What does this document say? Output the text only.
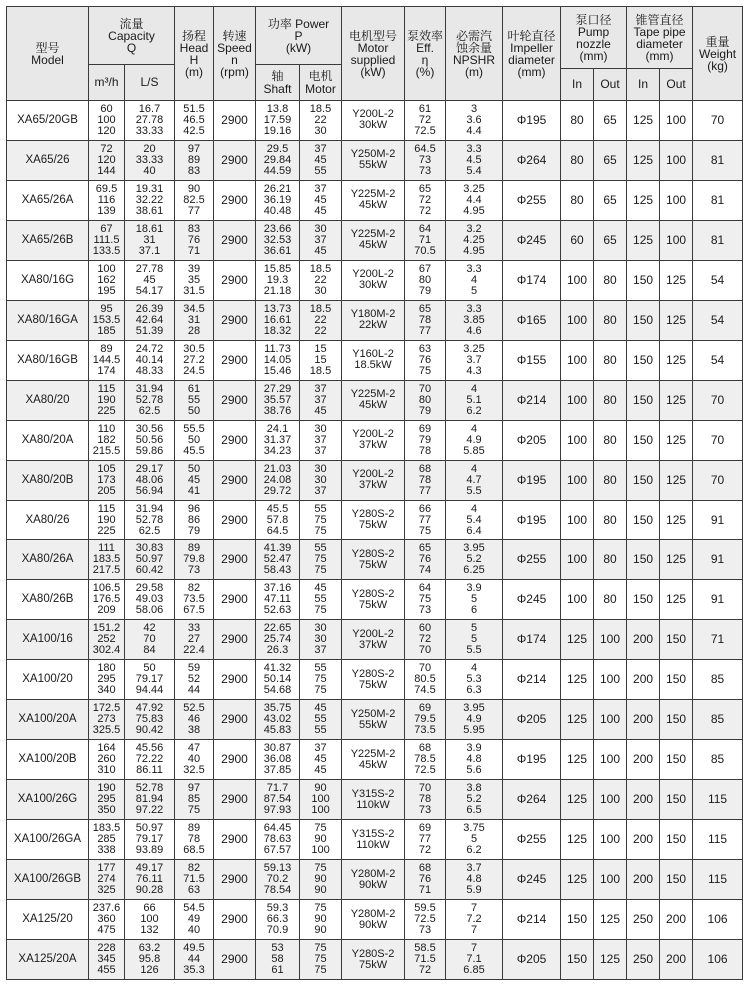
型号
Model	流量
Capacity
Q		扬程
Head
H
(m)	转速
Speed
n
(rpm)	功率 Power
P
(kW)		电机型号
Motor
supplied
(kW)	泵效率
Eff.
η
(%)	必需汽
蚀余量
NPSHR
(m)	叶轮直径
Impeller
diameter
(mm)	泵口径
Pump
nozzle
(mm)		锥管直径
Tape pipe
diameter
(mm)		重量
Weight
(kg)

	m³/h	L/S			轴
Shaft	电机
Motor									

											In	Out	In	Out	
XA65/20GB	60
100
120	16.7
27.78
33.33	51.5
46.5
42.5	2900	13.8
17.59
19.16	18.5
22
30	Y200L-2
30kW	61
72
72.5	3
3.6
4.4	Φ195	80	65	125	100	70
XA65/26	72
120
144	20
33.33
40	97
89
83	2900	29.5
29.84
44.59	37
45
55	Y250M-2
55kW	64.5
73
73	3.3
4.5
5.4	Φ264	80	65	125	100	81
XA65/26A	69.5
116
139	19.31
32.22
38.61	90
82.5
77	2900	26.21
36.19
40.48	37
45
45	Y225M-2
45kW	65
72
72	3.25
4.4
4.95	Φ255	80	65	125	100	81
XA65/26B	67
111.5
133.5	18.61
31
37.1	83
76
71	2900	23.66
32.53
36.61	30
37
45	Y225M-2
45kW	64
71
70.5	3.2
4.25
4.95	Φ245	60	65	125	100	81
XA80/16G	100
162
195	27.78
45
54.17	39
35
31.5	2900	15.85
19.3
21.18	18.5
22
30	Y200L-2
30kW	67
80
79	3.3
4
5	Φ174	100	80	150	125	54
XA80/16GA	95
153.5
185	26.39
42.64
51.39	34.5
31
28	2900	13.73
16.61
18.32	18.5
22
22	Y180M-2
22kW	65
78
77	3.3
3.85
4.6	Φ165	100	80	150	125	54
XA80/16GB	89
144.5
174	24.72
40.14
48.33	30.5
27.2
24.5	2900	11.73
14.05
15.46	15
15
18.5	Y160L-2
18.5kW	63
76
75	3.25
3.7
4.3	Φ155	100	80	150	125	54
XA80/20	115
190
225	31.94
52.78
62.5	61
55
50	2900	27.29
35.57
38.76	37
37
45	Y225M-2
45kW	70
80
79	4
5.1
6.2	Φ214	100	80	150	125	70
XA80/20A	110
182
215.5	30.56
50.56
59.86	55.5
50
45.5	2900	24.1
31.37
34.23	30
37
37	Y200L-2
37kW	69
79
78	4
4.9
5.85	Φ205	100	80	150	125	70
XA80/20B	105
173
205	29.17
48.06
56.94	50
45
41	2900	21.03
24.08
29.72	30
30
37	Y200L-2
37kW	68
78
77	4
4.7
5.5	Φ195	100	80	150	125	70
XA80/26	115
190
225	31.94
52.78
62.5	96
86
79	2900	45.5
57.8
64.5	55
75
75	Y280S-2
75kW	66
77
75	4
5.4
6.4	Φ195	100	80	150	125	91
XA80/26A	111
183.5
217.5	30.83
50.97
60.42	89
79.8
73	2900	41.39
52.47
58.43	55
75
75	Y280S-2
75kW	65
76
74	3.95
5.2
6.25	Φ255	100	80	150	125	91
XA80/26B	106.5
176.5
209	29.58
49.03
58.06	82
73.5
67.5	2900	37.16
47.11
52.63	45
55
75	Y280S-2
75kW	64
75
73	3.9
5
6	Φ245	100	80	150	125	91
XA100/16	151.2
252
302.4	42
70
84	33
27
22.4	2900	22.65
25.74
26.3	30
30
37	Y200L-2
37kW	60
72
70	5
5
5.5	Φ174	125	100	200	150	71
XA100/20	180
295
340	50
79.17
94.44	59
52
44	2900	41.32
50.14
54.68	55
75
75	Y280S-2
75kW	70
80.5
74.5	4
5.3
6.3	Φ214	125	100	200	150	85
XA100/20A	172.5
273
325.5	47.92
75.83
90.42	52.5
46
38	2900	35.75
43.02
45.83	45
55
55	Y250M-2
55kW	69
79.5
73.5	3.95
4.9
5.95	Φ205	125	100	200	150	85
XA100/20B	164
260
310	45.56
72.22
86.11	47
40
32.5	2900	30.87
36.08
37.85	37
45
45	Y225M-2
45kW	68
78.5
72.5	3.9
4.8
5.6	Φ195	125	100	200	150	85
XA100/26G	190
295
350	52.78
81.94
97.22	97
85
75	2900	71.7
87.54
97.93	90
100
100	Y315S-2
110kW	70
78
73	3.8
5.2
6.5	Φ264	125	100	200	150	115
XA100/26GA	183.5
285
338	50.97
79.17
93.89	89
78
68.5	2900	64.45
78.63
67.57	75
90
100	Y315S-2
110kW	69
77
72	3.75
5
6.2	Φ255	125	100	200	150	115
XA100/26GB	177
274
325	49.17
76.11
90.28	82
71.5
63	2900	59.13
70.2
78.54	75
90
90	Y280M-2
90kW	68
76
71	3.7
4.8
5.9	Φ245	125	100	200	150	115
XA125/20	237.6
360
475	66
100
132	54.5
49
40	2900	59.3
66.3
70.9	75
90
90	Y280M-2
90kW	59.5
72.5
73	7
7.2
7	Φ214	150	125	250	200	106
XA125/20A	228
345
455	63.2
95.8
126	49.5
44
35.3	2900	53
58
61	75
75
75	Y280S-2
75kW	58.5
71.5
72	7
7.1
6.85	Φ205	150	125	250	200	106
